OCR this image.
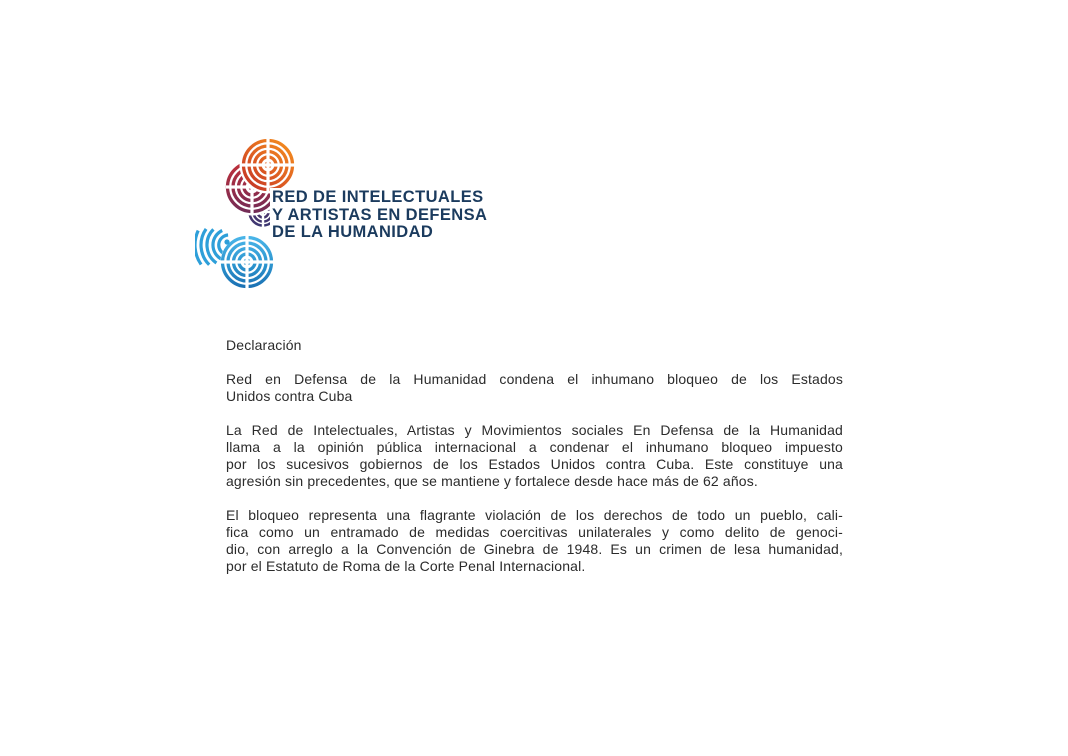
RED DE INTELECTUALES
Y ARTISTAS EN DEFENSA
DE LA HUMANIDAD
Declaración
Red en Defensa de la Humanidad condena el inhumano bloqueo de los Estados
Unidos contra Cuba
La Red de Intelectuales, Artistas y Movimientos sociales En Defensa de la Humanidad
llama a la opinión pública internacional a condenar el inhumano bloqueo impuesto
por los sucesivos gobiernos de los Estados Unidos contra Cuba. Este constituye una
agresión sin precedentes, que se mantiene y fortalece desde hace más de 62 años.
El bloqueo representa una flagrante violación de los derechos de todo un pueblo, cali-
fica como un entramado de medidas coercitivas unilaterales y como delito de genoci-
dio, con arreglo a la Convención de Ginebra de 1948. Es un crimen de lesa humanidad,
por el Estatuto de Roma de la Corte Penal Internacional.
